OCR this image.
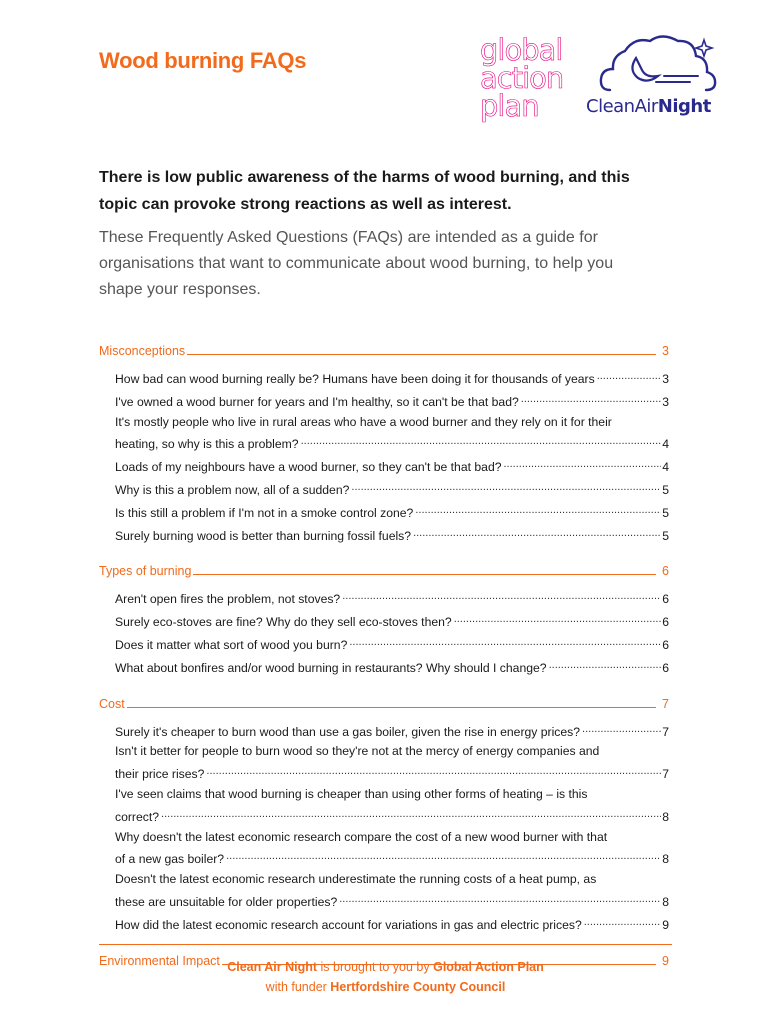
Wood burning FAQs	global
action
plan	CleanAirNight

There is low public awareness of the harms of wood burning, and this topic can provoke strong reactions as well as interest.

These Frequently Asked Questions (FAQs) are intended as a guide for organisations that want to communicate about wood burning, to help you shape your responses.

Misconceptions	3
How bad can wood burning really be? Humans have been doing it for thousands of years .....	3
I've owned a wood burner for years and I'm healthy, so it can't be that bad? .....	3
It's mostly people who live in rural areas who have a wood burner and they rely on it for their
heating, so why is this a problem? .....	4
Loads of my neighbours have a wood burner, so they can't be that bad? .....	4
Why is this a problem now, all of a sudden? .....	5
Is this still a problem if I'm not in a smoke control zone? .....	5
Surely burning wood is better than burning fossil fuels? .....	5
Types of burning	6
Aren't open fires the problem, not stoves? .....	6
Surely eco-stoves are fine? Why do they sell eco-stoves then? .....	6
Does it matter what sort of wood you burn? .....	6
What about bonfires and/or wood burning in restaurants? Why should I change? .....	6
Cost	7
Surely it's cheaper to burn wood than use a gas boiler, given the rise in energy prices? .....	7
Isn't it better for people to burn wood so they're not at the mercy of energy companies and
their price rises? .....	7
I've seen claims that wood burning is cheaper than using other forms of heating – is this
correct? .....	8
Why doesn't the latest economic research compare the cost of a new wood burner with that
of a new gas boiler? .....	8
Doesn't the latest economic research underestimate the running costs of a heat pump, as
these are unsuitable for older properties? .....	8
How did the latest economic research account for variations in gas and electric prices? .....	9
Environmental Impact	9
Clean Air Night is brought to you by Global Action Plan
with funder Hertfordshire County Council
